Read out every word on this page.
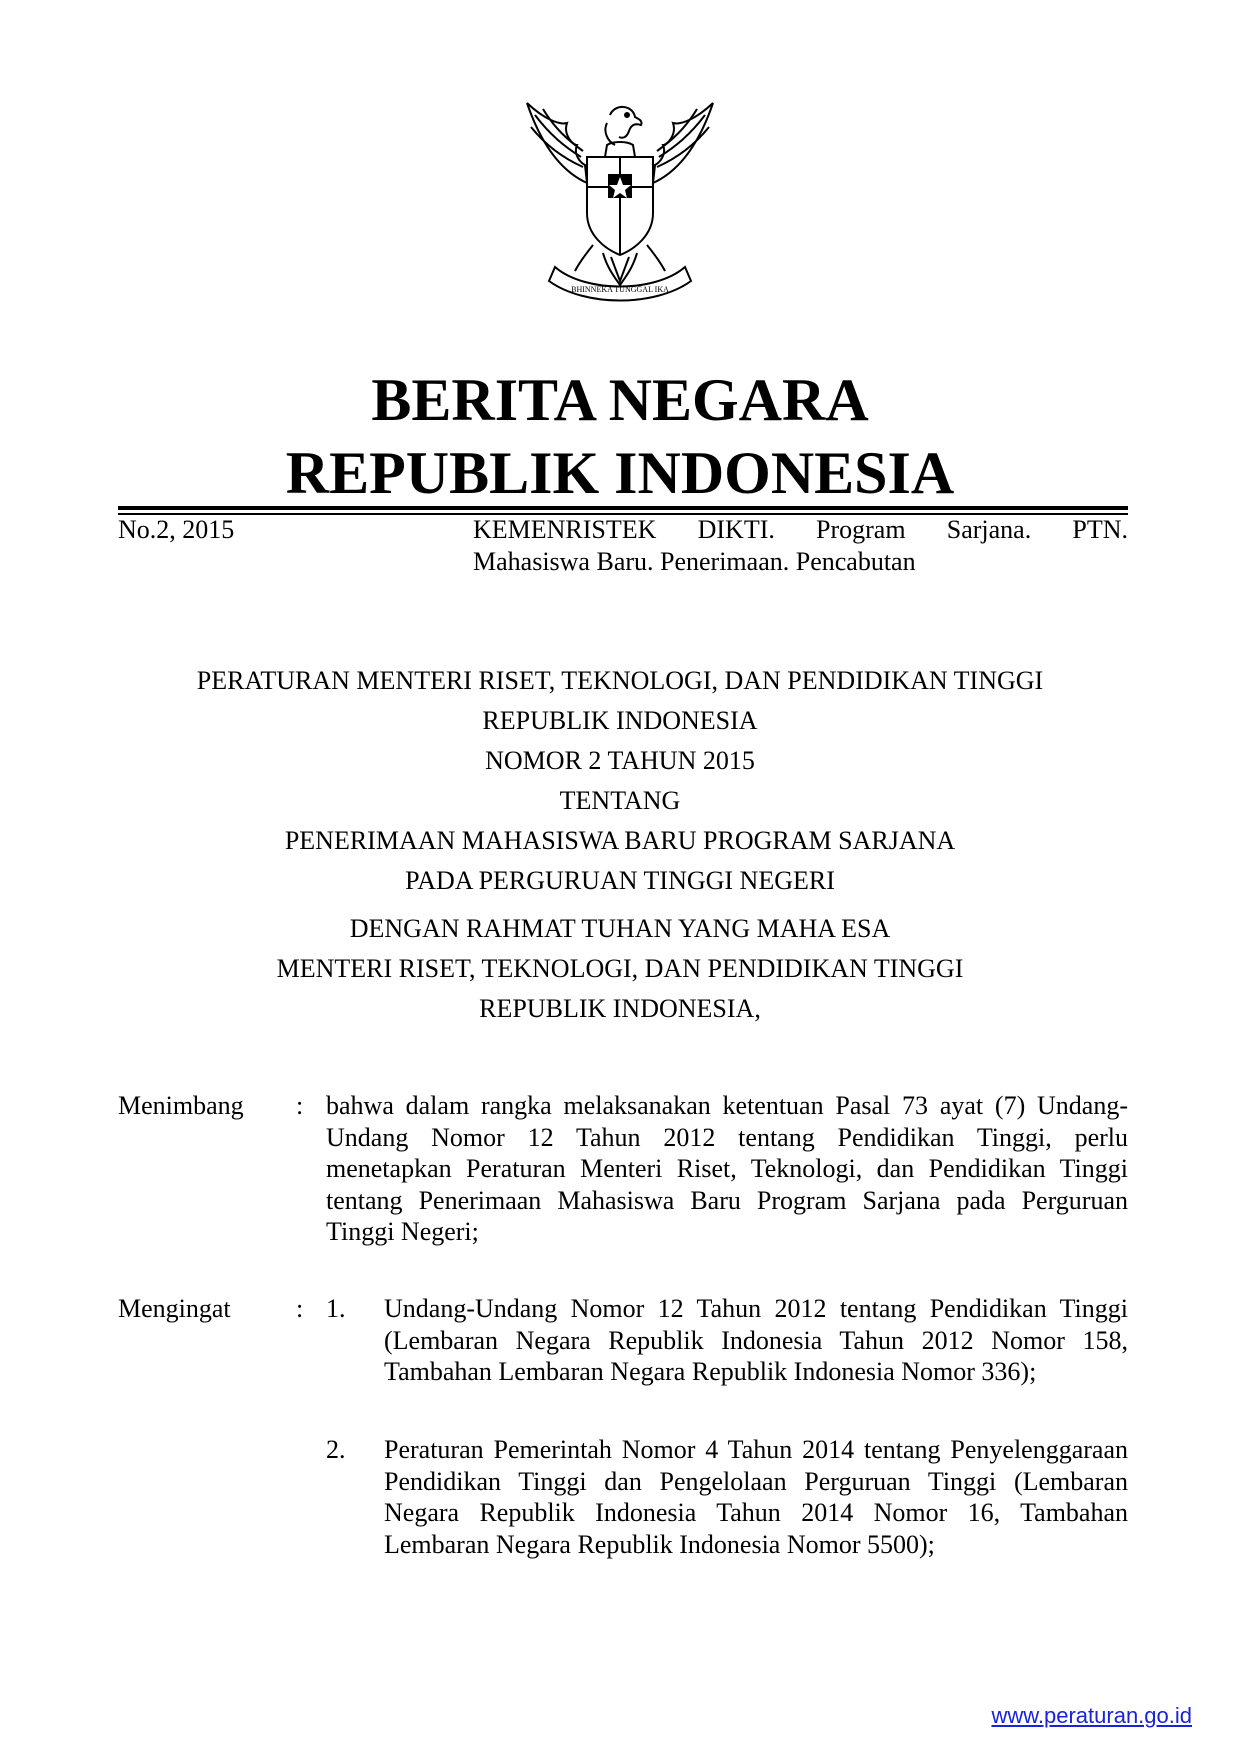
BHINNEKA TUNGGAL IKA
BERITA NEGARA
REPUBLIK INDONESIA
No.2, 2015	KEMENRISTEK DIKTI. Program Sarjana. PTN.
Mahasiswa Baru. Penerimaan. Pencabutan
PERATURAN MENTERI RISET, TEKNOLOGI, DAN PENDIDIKAN TINGGI
REPUBLIK INDONESIA
NOMOR 2 TAHUN 2015
TENTANG
PENERIMAAN MAHASISWA BARU PROGRAM SARJANA
PADA PERGURUAN TINGGI NEGERI
DENGAN RAHMAT TUHAN YANG MAHA ESA
MENTERI RISET, TEKNOLOGI, DAN PENDIDIKAN TINGGI
REPUBLIK INDONESIA,
Menimbang : bahwa dalam rangka melaksanakan ketentuan Pasal 73 ayat (7) Undang-Undang Nomor 12 Tahun 2012 tentang Pendidikan Tinggi, perlu menetapkan Peraturan Menteri Riset, Teknologi, dan Pendidikan Tinggi tentang Penerimaan Mahasiswa Baru Program Sarjana pada Perguruan Tinggi Negeri;
Mengingat	: 1. Undang-Undang Nomor 12 Tahun 2012 tentang Pendidikan Tinggi (Lembaran Negara Republik Indonesia Tahun 2012 Nomor 158, Tambahan Lembaran Negara Republik Indonesia Nomor 336);
2. Peraturan Pemerintah Nomor 4 Tahun 2014 tentang Penyelenggaraan Pendidikan Tinggi dan Pengelolaan Perguruan Tinggi (Lembaran Negara Republik Indonesia Tahun 2014 Nomor 16, Tambahan Lembaran Negara Republik Indonesia Nomor 5500);
www.peraturan.go.id
